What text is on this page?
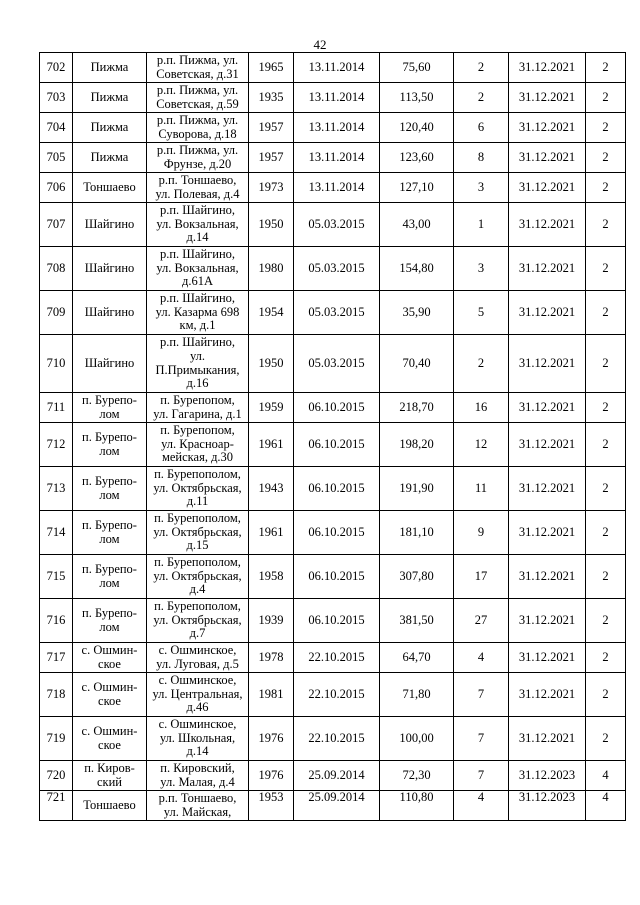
42
702	Пижма	р.п. Пижма, ул.
Советская, д.31	1965	13.11.2014	75,60	2	31.12.2021	2
703	Пижма	р.п. Пижма, ул.
Советская, д.59	1935	13.11.2014	113,50	2	31.12.2021	2
704	Пижма	р.п. Пижма, ул.
Суворова, д.18	1957	13.11.2014	120,40	6	31.12.2021	2
705	Пижма	р.п. Пижма, ул.
Фрунзе, д.20	1957	13.11.2014	123,60	8	31.12.2021	2
706	Тоншаево	р.п. Тоншаево,
ул. Полевая, д.4	1973	13.11.2014	127,10	3	31.12.2021	2
707	Шайгино	р.п. Шайгино,
ул. Вокзальная,
д.14	1950	05.03.2015	43,00	1	31.12.2021	2
708	Шайгино	р.п. Шайгино,
ул. Вокзальная,
д.61А	1980	05.03.2015	154,80	3	31.12.2021	2
709	Шайгино	р.п. Шайгино,
ул. Казарма 698
км, д.1	1954	05.03.2015	35,90	5	31.12.2021	2
710	Шайгино	р.п. Шайгино,
ул.
П.Примыкания,
д.16	1950	05.03.2015	70,40	2	31.12.2021	2
711	п. Бурепо-
лом	п. Бурепопом,
ул. Гагарина, д.1	1959	06.10.2015	218,70	16	31.12.2021	2
712	п. Бурепо-
лом	п. Бурепопом,
ул. Красноар-
мейская, д.30	1961	06.10.2015	198,20	12	31.12.2021	2
713	п. Бурепо-
лом	п. Бурепополом,
ул. Октябрьская,
д.11	1943	06.10.2015	191,90	11	31.12.2021	2
714	п. Бурепо-
лом	п. Бурепополом,
ул. Октябрьская,
д.15	1961	06.10.2015	181,10	9	31.12.2021	2
715	п. Бурепо-
лом	п. Бурепополом,
ул. Октябрьская,
д.4	1958	06.10.2015	307,80	17	31.12.2021	2
716	п. Бурепо-
лом	п. Бурепополом,
ул. Октябрьская,
д.7	1939	06.10.2015	381,50	27	31.12.2021	2
717	с. Ошмин-
ское	с. Ошминское,
ул. Луговая, д.5	1978	22.10.2015	64,70	4	31.12.2021	2
718	с. Ошмин-
ское	с. Ошминское,
ул. Центральная,
д.46	1981	22.10.2015	71,80	7	31.12.2021	2
719	с. Ошмин-
ское	с. Ошминское,
ул. Школьная,
д.14	1976	22.10.2015	100,00	7	31.12.2021	2
720	п. Киров-
ский	п. Кировский,
ул. Малая, д.4	1976	25.09.2014	72,30	7	31.12.2023	4
721	Тоншаево	р.п. Тоншаево,
ул. Майская,	1953	25.09.2014	110,80	4	31.12.2023	4
